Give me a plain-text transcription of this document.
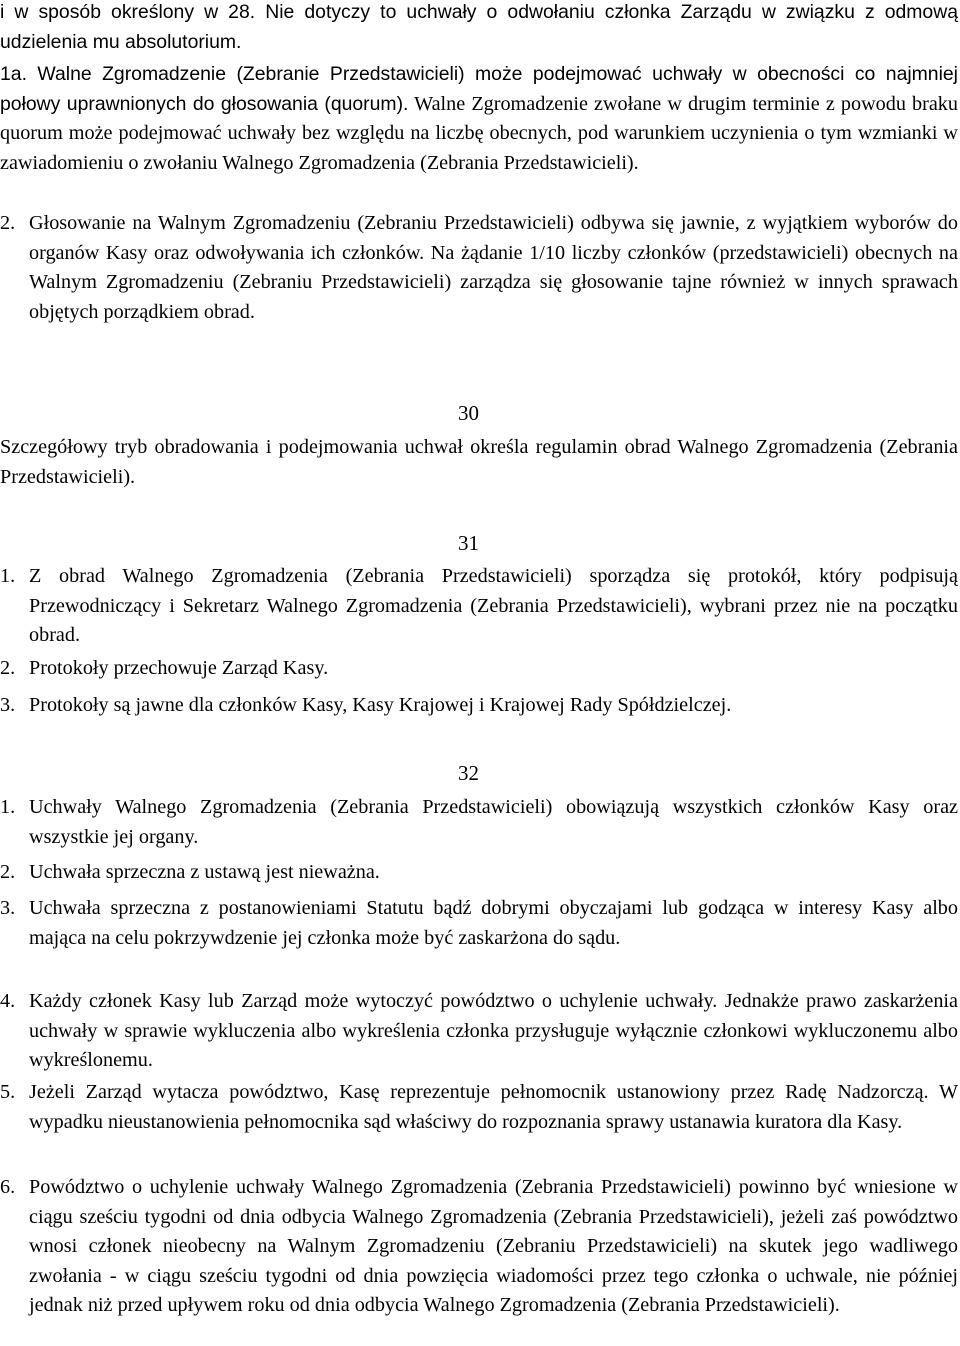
i w sposób określony w 28. Nie dotyczy to uchwały o odwołaniu członka Zarządu w związku z odmową udzielenia mu absolutorium.

1a. Walne Zgromadzenie (Zebranie Przedstawicieli) może podejmować uchwały w obecności co najmniej połowy uprawnionych do głosowania (quorum). Walne Zgromadzenie zwołane w drugim terminie z powodu braku quorum może podejmować uchwały bez względu na liczbę obecnych, pod warunkiem uczynienia o tym wzmianki w zawiadomieniu o zwołaniu Walnego Zgromadzenia (Zebrania Przedstawicieli).

2. Głosowanie na Walnym Zgromadzeniu (Zebraniu Przedstawicieli) odbywa się jawnie, z wyjątkiem wyborów do organów Kasy oraz odwoływania ich członków. Na żądanie 1/10 liczby członków (przedstawicieli) obecnych na Walnym Zgromadzeniu (Zebraniu Przedstawicieli) zarządza się głosowanie tajne również w innych sprawach objętych porządkiem obrad.

30

Szczegółowy tryb obradowania i podejmowania uchwał określa regulamin obrad Walnego Zgromadzenia (Zebrania Przedstawicieli).

31

1. Z obrad Walnego Zgromadzenia (Zebrania Przedstawicieli) sporządza się protokół, który podpisują Przewodniczący i Sekretarz Walnego Zgromadzenia (Zebrania Przedstawicieli), wybrani przez nie na początku obrad.

2. Protokoły przechowuje Zarząd Kasy.

3. Protokoły są jawne dla członków Kasy, Kasy Krajowej i Krajowej Rady Spółdzielczej.

32

1. Uchwały Walnego Zgromadzenia (Zebrania Przedstawicieli) obowiązują wszystkich członków Kasy oraz wszystkie jej organy.

2. Uchwała sprzeczna z ustawą jest nieważna.

3. Uchwała sprzeczna z postanowieniami Statutu bądź dobrymi obyczajami lub godząca w interesy Kasy albo mająca na celu pokrzywdzenie jej członka może być zaskarżona do sądu.

4. Każdy członek Kasy lub Zarząd może wytoczyć powództwo o uchylenie uchwały. Jednakże prawo zaskarżenia uchwały w sprawie wykluczenia albo wykreślenia członka przysługuje wyłącznie członkowi wykluczonemu albo wykreślonemu.

5. Jeżeli Zarząd wytacza powództwo, Kasę reprezentuje pełnomocnik ustanowiony przez Radę Nadzorczą. W wypadku nieustanowienia pełnomocnika sąd właściwy do rozpoznania sprawy ustanawia kuratora dla Kasy.

6. Powództwo o uchylenie uchwały Walnego Zgromadzenia (Zebrania Przedstawicieli) powinno być wniesione w ciągu sześciu tygodni od dnia odbycia Walnego Zgromadzenia (Zebrania Przedstawicieli), jeżeli zaś powództwo wnosi członek nieobecny na Walnym Zgromadzeniu (Zebraniu Przedstawicieli) na skutek jego wadliwego zwołania - w ciągu sześciu tygodni od dnia powzięcia wiadomości przez tego członka o uchwale, nie później jednak niż przed upływem roku od dnia odbycia Walnego Zgromadzenia (Zebrania Przedstawicieli).
